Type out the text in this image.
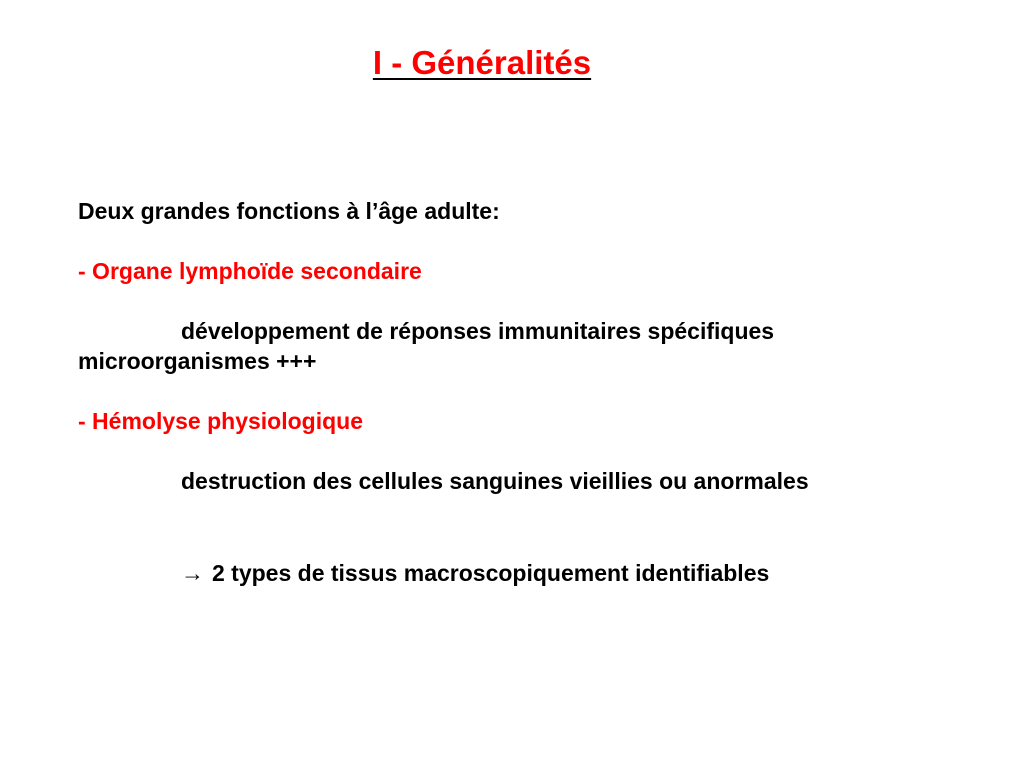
I - Généralités
Deux grandes fonctions à l’âge adulte:
- Organe lymphoïde secondaire
développement de réponses immunitaires spécifiques
microorganismes +++
- Hémolyse physiologique
destruction des cellules sanguines vieillies ou anormales
→ 2 types de tissus macroscopiquement identifiables
